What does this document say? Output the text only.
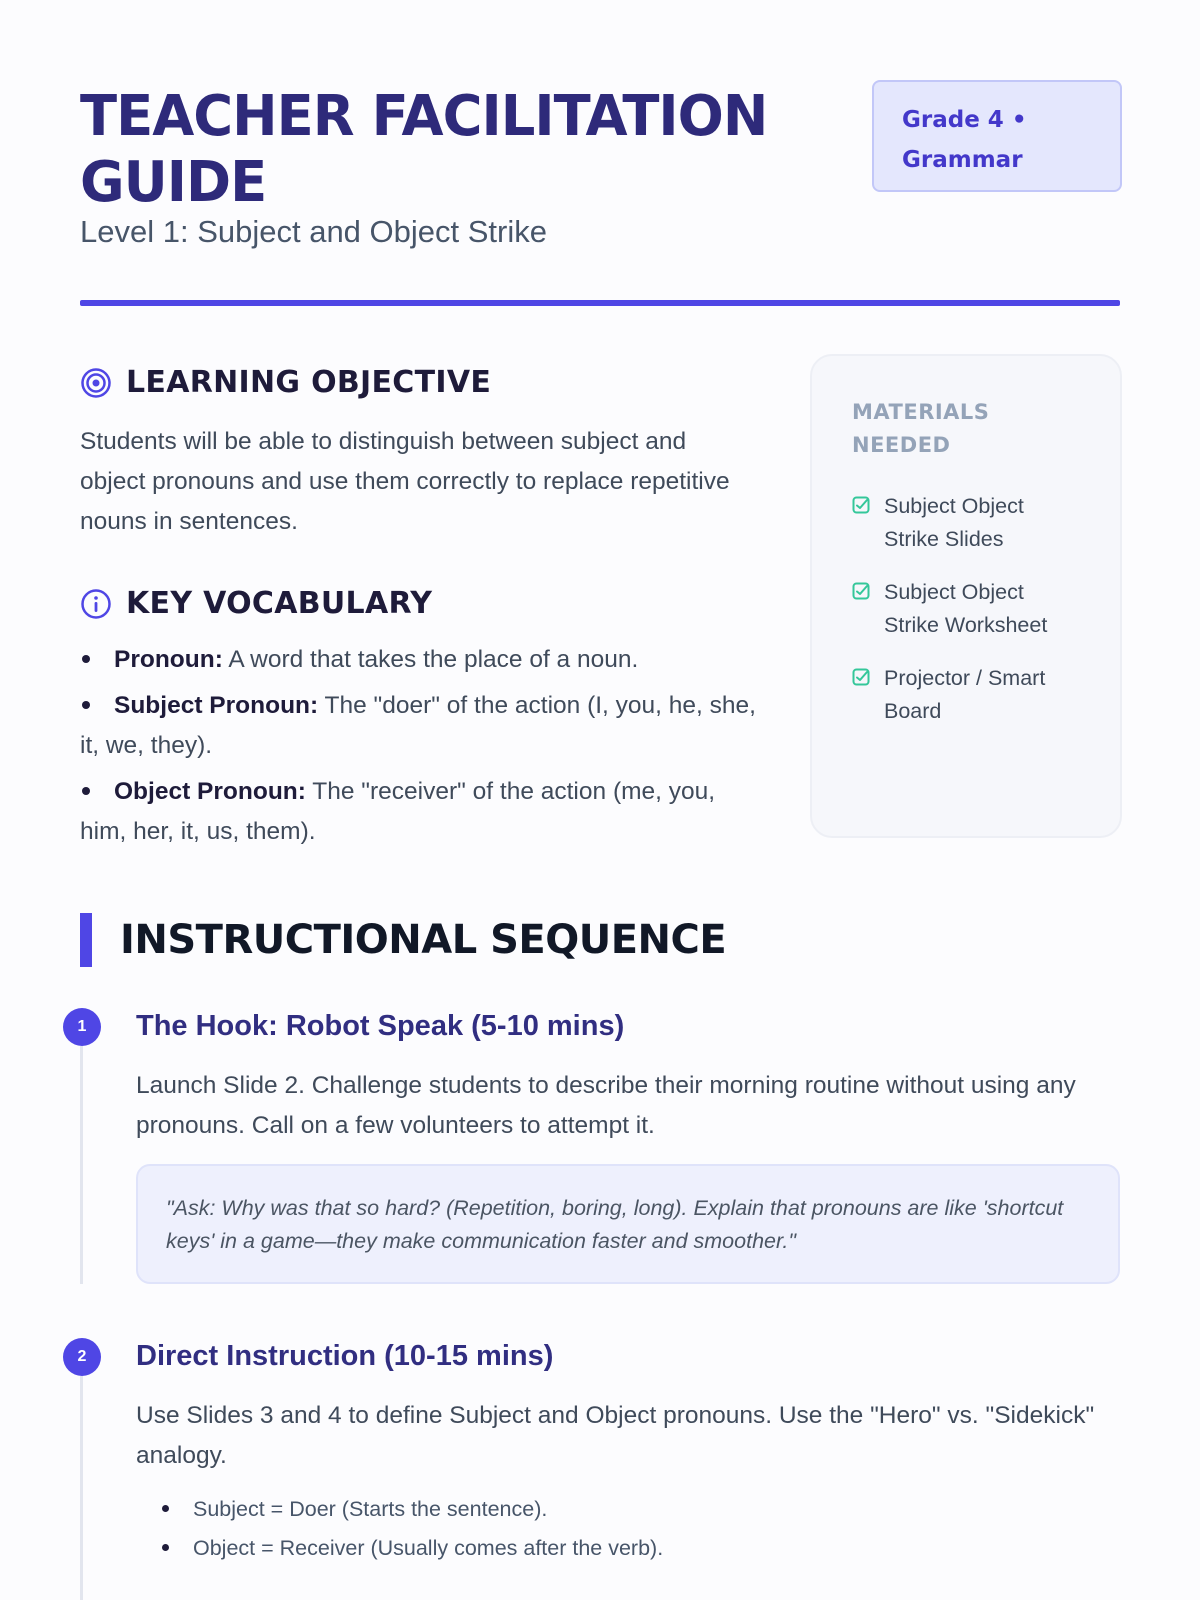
TEACHER FACILITATION GUIDE
Grade 4 • Grammar
Level 1: Subject and Object Strike
LEARNING OBJECTIVE

Students will be able to distinguish between subject and object pronouns and use them correctly to replace repetitive nouns in sentences.

KEY VOCABULARY
Pronoun: A word that takes the place of a noun.
Subject Pronoun: The "doer" of the action (I, you, he, she, it, we, they).
Object Pronoun: The "receiver" of the action (me, you, him, her, it, us, them).
MATERIALS NEEDED
Subject Object Strike Slides
Subject Object Strike Worksheet
Projector / Smart Board
INSTRUCTIONAL SEQUENCE
1	The Hook: Robot Speak (5-10 mins)

Launch Slide 2. Challenge students to describe their morning routine without using any pronouns. Call on a few volunteers to attempt it.

"Ask: Why was that so hard? (Repetition, boring, long). Explain that pronouns are like 'shortcut keys' in a game—they make communication faster and smoother."
2	Direct Instruction (10-15 mins)

Use Slides 3 and 4 to define Subject and Object pronouns. Use the "Hero" vs. "Sidekick" analogy.

Subject = Doer (Starts the sentence).
Object = Receiver (Usually comes after the verb).
